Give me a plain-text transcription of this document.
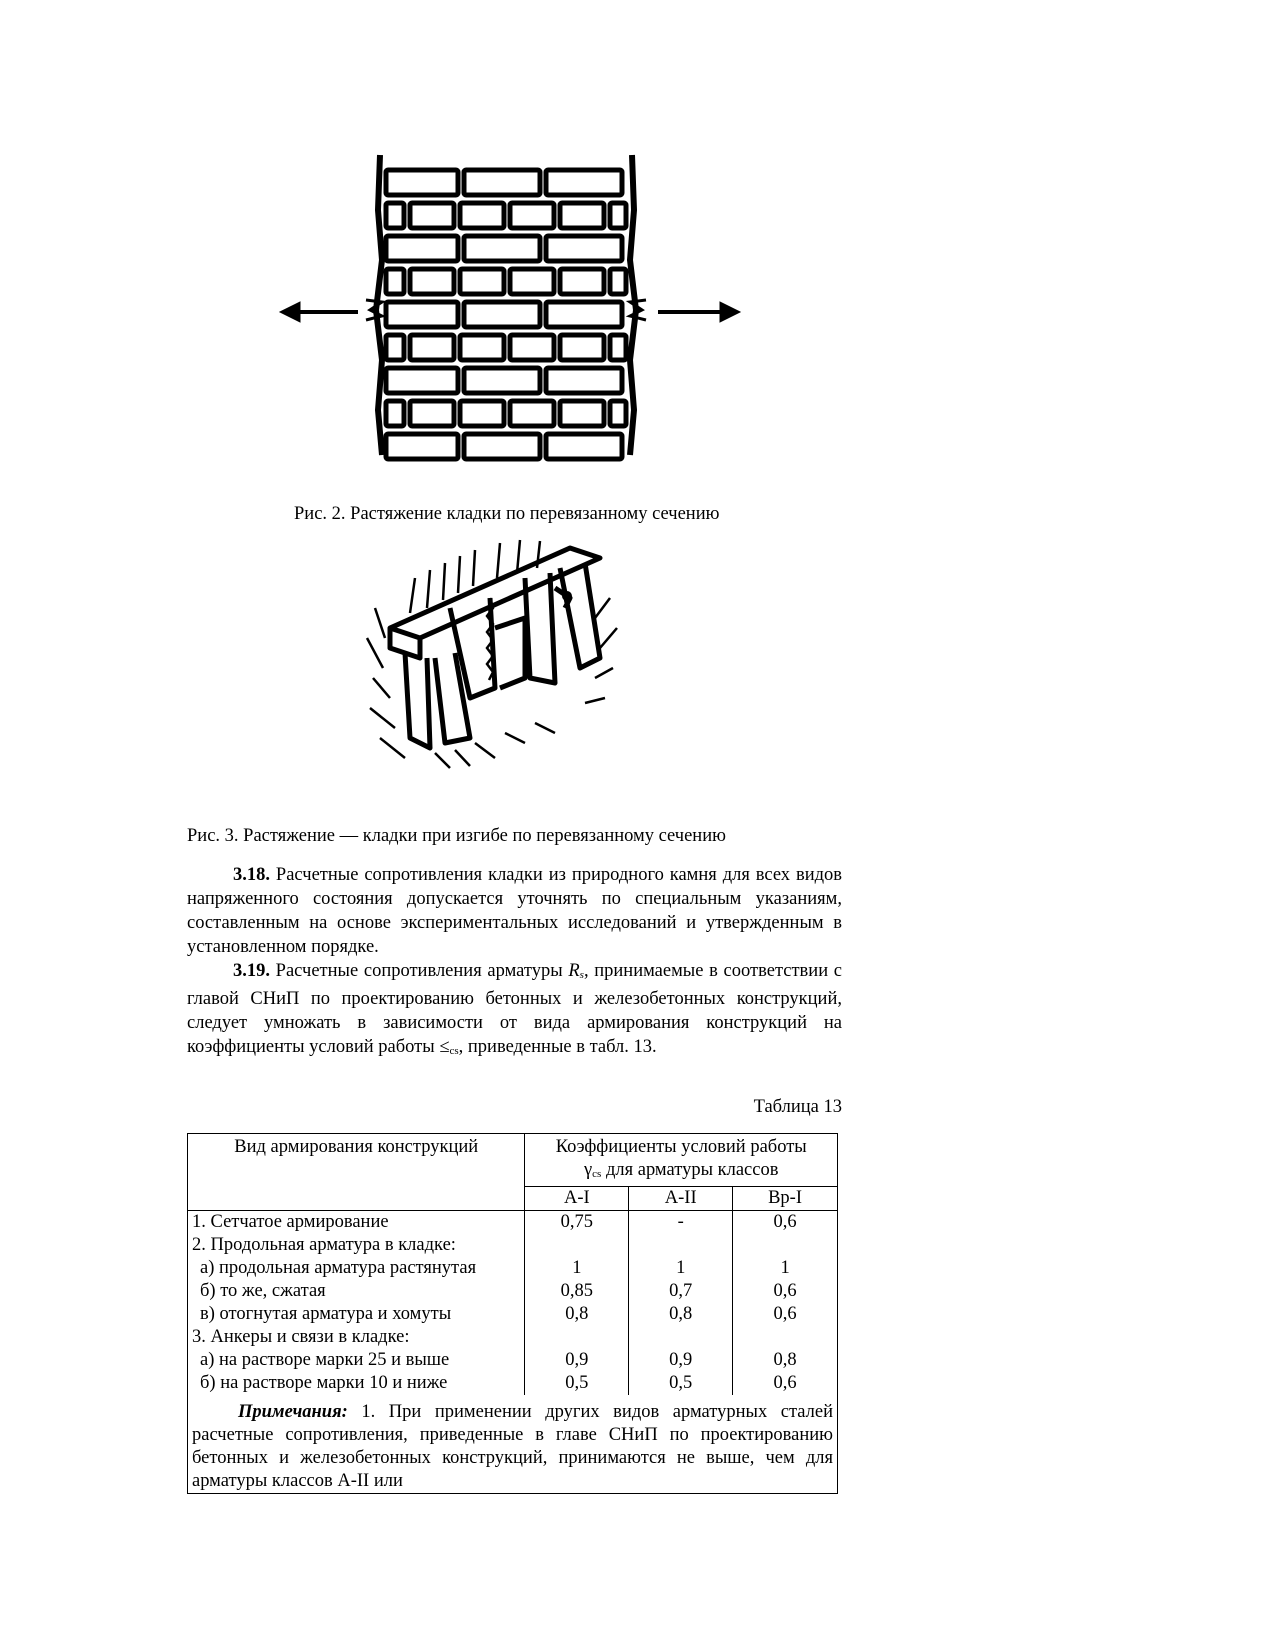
Рис. 2. Растяжение кладки по перевязанному сечению
Рис. 3. Растяжение — кладки при изгибе по перевязанному сечению
3.18. Расчетные сопротивления кладки из природного камня для всех видов напряженного состояния допускается уточнять по специальным указаниям, составленным на основе экспериментальных исследований и утвержденным в установленном порядке.
3.19. Расчетные сопротивления арматуры Rs, принимаемые в соответствии с главой СНиП по проектированию бетонных и железобетонных конструкций, следует умножать в зависимости от вида армирования конструкций на коэффициенты условий работы ≤cs, приведенные в табл. 13.
Таблица 13
Вид армирования конструкций	Коэффициенты условий работы
γcs для арматуры классов		
	А-I	А-II	Вр-I
1. Сетчатое армирование	0,75	-	0,6
2. Продольная арматура в кладке:			
а) продольная арматура растянутая	1	1	1
б) то же, сжатая	0,85	0,7	0,6
в) отогнутая арматура и хомуты	0,8	0,8	0,6
3. Анкеры и связи в кладке:			
а) на растворе марки 25 и выше	0,9	0,9	0,8
б) на растворе марки 10 и ниже	0,5	0,5	0,6
Примечания: 1. При применении других видов арматурных сталей расчетные сопротивления, приведенные в главе СНиП по проектированию бетонных и железобетонных конструкций, принимаются не выше, чем для арматуры классов А-II или			
